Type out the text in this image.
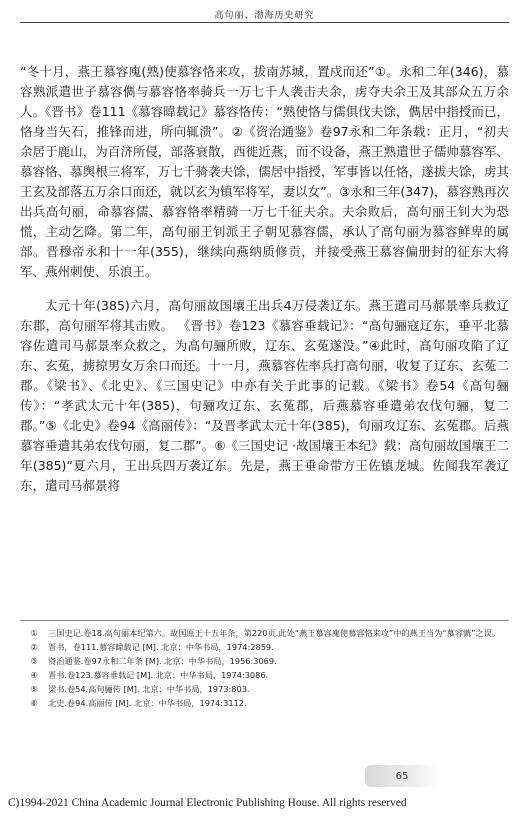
高句丽、渤海历史研究

“冬十月，燕王慕容廆(熟)使慕容恪来攻，拔南苏城，置戍而还”①。永和二年(346)，慕容熟派遣世子慕容儁与慕容恪率骑兵一万七千人袭击夫余，虏夺夫余王及其部众五万余人。《晋书》卷111《慕容暐载记》慕容恪传：“熟使恪与儒俱伐夫馀，儁居中指授而已，恪身当矢石，推锋而进，所向辄溃”。②《资治通鉴》卷97永和二年条载：正月，“初夫余居于鹿山，为百济所侵，部落衰散，西徙近燕，而不设备，燕王熟遣世子儒帅慕容军、慕容恪、慕舆根三将军，万七千骑袭夫馀，儒居中指授，军事皆以任恪，遂拔夫馀，虏其王玄及部落五万余口而还，就以玄为镇军将军，妻以女”。③永和三年(347)，慕容熟再次出兵高句丽，命慕容儒、慕容恪率精骑一万七千征夫余。夫余败后，高句丽王钊大为恐慌，主动乞降。第二年，高句丽王钊派王子朝见慕容儒，承认了高句丽为慕容鲜卑的属部。晋穆帝永和十一年(355)，继续向燕纳质修贡，并接受燕王慕容偏册封的征东大将军、燕州刺使、乐浪王。

太元十年(385)六月，高句丽故国壤王出兵4万侵袭辽东。燕王遣司马郝景率兵救辽东郡，高句丽军将其击败。 《晋书》卷123《慕容垂载记》：“高句骊寇辽东，垂平北慕容佐遣司马郝景率众救之，为高句骊所败，辽东、玄菟遂没。”④此时，高句丽攻陷了辽东、玄菟，掳掠男女万余口而还。十一月，燕慕容佐率兵打高句丽，收复了辽东、玄菟二郡。《梁书》、《北史》、《三国史记》中亦有关于此事的记载。《梁书》卷54《高句骊传》：“孝武太元十年(385)，句骊攻辽东、玄菟郡，后燕慕容垂遣弟农伐句骊，复二郡。”⑤《北史》卷94《高丽传》：“及晋孝武太元十年(385)，句丽攻辽东、玄菟郡。后燕慕容垂遣其弟农伐句丽，复二郡”。⑥《三国史记 ·故国壤王本纪》载：高句丽故国壤王二年(385)“夏六月，王出兵四万袭辽东。先是，燕王垂命带方王佐镇龙城。佐闻我军袭辽东，遣司马郝景将

①	三国史记.卷18.高句丽本纪第六。故国原王十五年条，第220页.此处“燕王慕容廆使慕容恪来攻”中的燕王当为“慕容皝”之误。
②	晋书，卷111.慕容暐载记 [M]. 北京：中华书局，1974:2859.
③	资治通鉴.卷97永和二年条 [M]. 北京：中华书局，1956:3069.
④	晋书.卷123.慕容垂载记 [M]. 北京：中华书局，1974:3086.
⑤	梁书.卷54.高句骊传 [M]. 北京：中华书局，1973:803.
⑥	北史.卷94.高丽传 [M]. 北京：中华书局，1974:3112.
65
C)1994-2021 China Academic Journal Electronic Publishing House. All rights reserved
